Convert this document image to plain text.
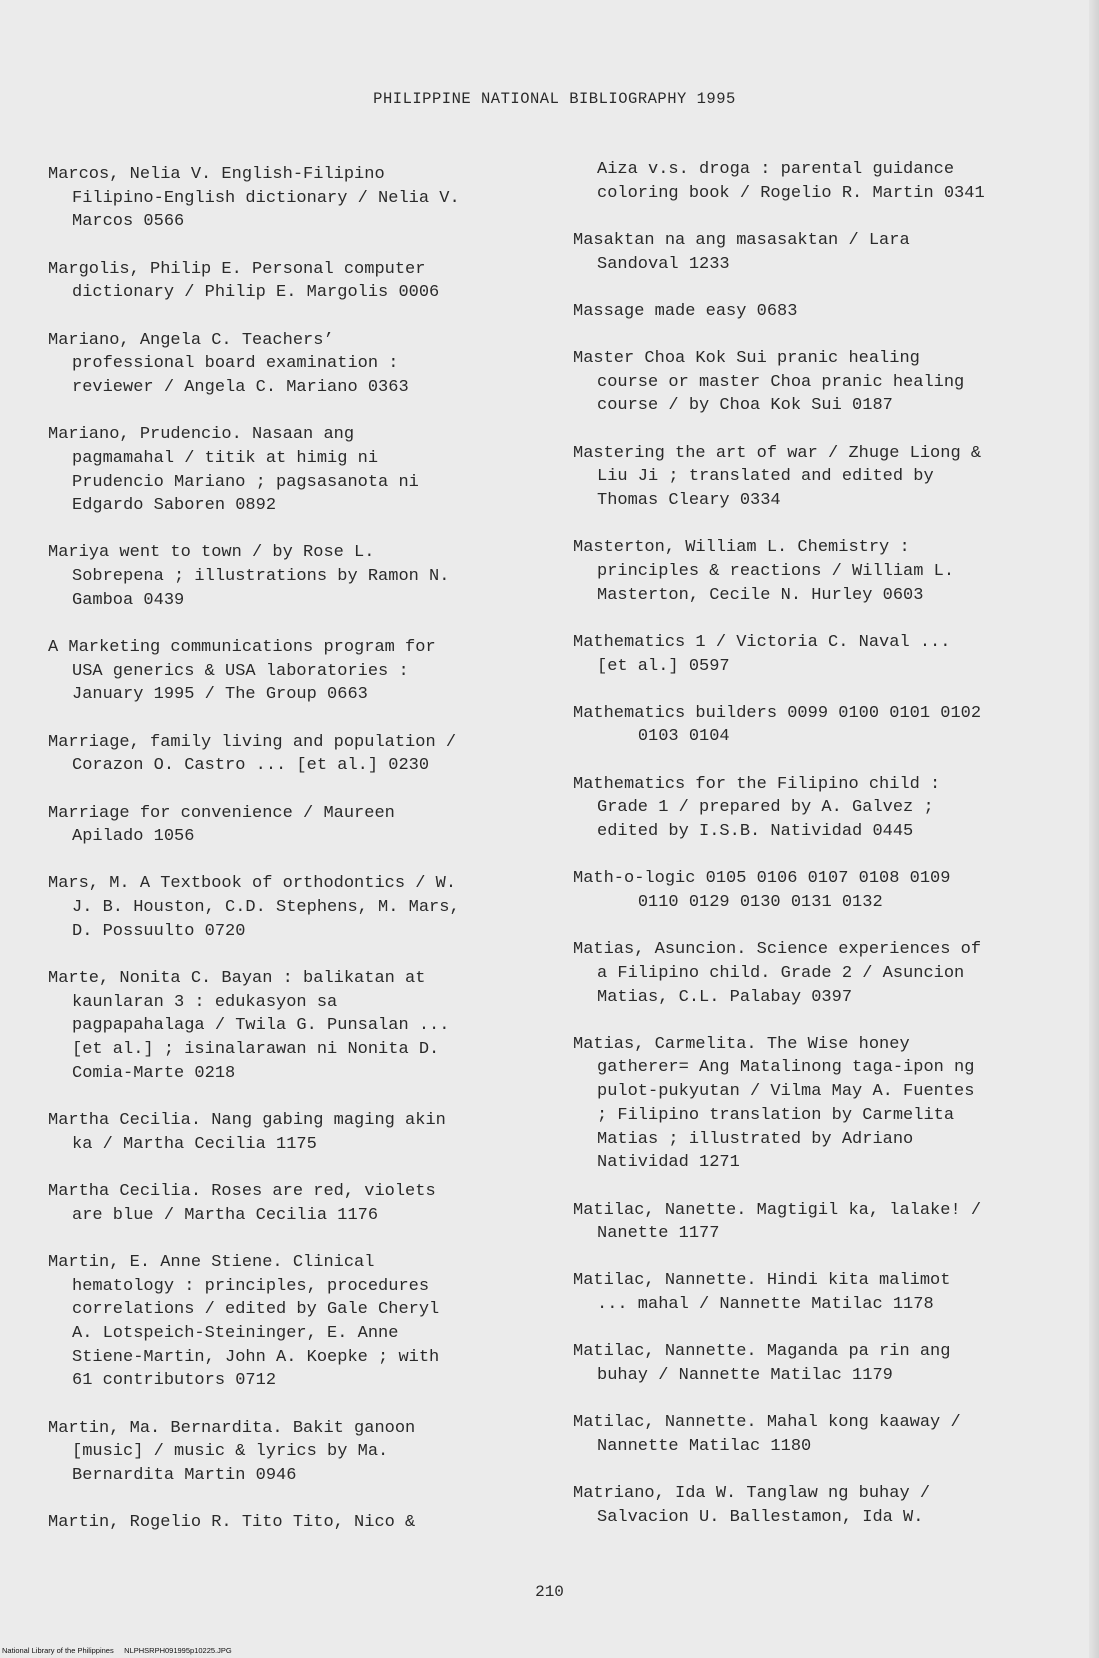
PHILIPPINE NATIONAL BIBLIOGRAPHY 1995
Marcos, Nelia V. English-Filipino
Filipino-English dictionary / Nelia V.
Marcos 0566
Margolis, Philip E. Personal computer
dictionary / Philip E. Margolis 0006
Mariano, Angela C. Teachers’
professional board examination :
reviewer / Angela C. Mariano 0363
Mariano, Prudencio. Nasaan ang
pagmamahal / titik at himig ni
Prudencio Mariano ; pagsasanota ni
Edgardo Saboren 0892
Mariya went to town / by Rose L.
Sobrepena ; illustrations by Ramon N.
Gamboa 0439
A Marketing communications program for
USA generics & USA laboratories :
January 1995 / The Group 0663
Marriage, family living and population /
Corazon O. Castro ... [et al.] 0230
Marriage for convenience / Maureen
Apilado 1056
Mars, M. A Textbook of orthodontics / W.
J. B. Houston, C.D. Stephens, M. Mars,
D. Possuulto 0720
Marte, Nonita C. Bayan : balikatan at
kaunlaran 3 : edukasyon sa
pagpapahalaga / Twila G. Punsalan ...
[et al.] ; isinalarawan ni Nonita D.
Comia-Marte 0218
Martha Cecilia. Nang gabing maging akin
ka / Martha Cecilia 1175
Martha Cecilia. Roses are red, violets
are blue / Martha Cecilia 1176
Martin, E. Anne Stiene. Clinical
hematology : principles, procedures
correlations / edited by Gale Cheryl
A. Lotspeich-Steininger, E. Anne
Stiene-Martin, John A. Koepke ; with
61 contributors 0712
Martin, Ma. Bernardita. Bakit ganoon
[music] / music & lyrics by Ma.
Bernardita Martin 0946
Martin, Rogelio R. Tito Tito, Nico &
Aiza v.s. droga : parental guidance
coloring book / Rogelio R. Martin 0341
Masaktan na ang masasaktan / Lara
Sandoval 1233
Massage made easy 0683
Master Choa Kok Sui pranic healing
course or master Choa pranic healing
course / by Choa Kok Sui 0187
Mastering the art of war / Zhuge Liong &
Liu Ji ; translated and edited by
Thomas Cleary 0334
Masterton, William L. Chemistry :
principles & reactions / William L.
Masterton, Cecile N. Hurley 0603
Mathematics 1 / Victoria C. Naval ...
[et al.] 0597
Mathematics builders 0099 0100 0101 0102
0103 0104
Mathematics for the Filipino child :
Grade 1 / prepared by A. Galvez ;
edited by I.S.B. Natividad 0445
Math-o-logic 0105 0106 0107 0108 0109
0110 0129 0130 0131 0132
Matias, Asuncion. Science experiences of
a Filipino child. Grade 2 / Asuncion
Matias, C.L. Palabay 0397
Matias, Carmelita. The Wise honey
gatherer= Ang Matalinong taga-ipon ng
pulot-pukyutan / Vilma May A. Fuentes
; Filipino translation by Carmelita
Matias ; illustrated by Adriano
Natividad 1271
Matilac, Nanette. Magtigil ka, lalake! /
Nanette 1177
Matilac, Nannette. Hindi kita malimot
... mahal / Nannette Matilac 1178
Matilac, Nannette. Maganda pa rin ang
buhay / Nannette Matilac 1179
Matilac, Nannette. Mahal kong kaaway /
Nannette Matilac 1180
Matriano, Ida W. Tanglaw ng buhay /
Salvacion U. Ballestamon, Ida W.
210
National Library of the Philippines NLPHSRPH091995p10225.JPG
